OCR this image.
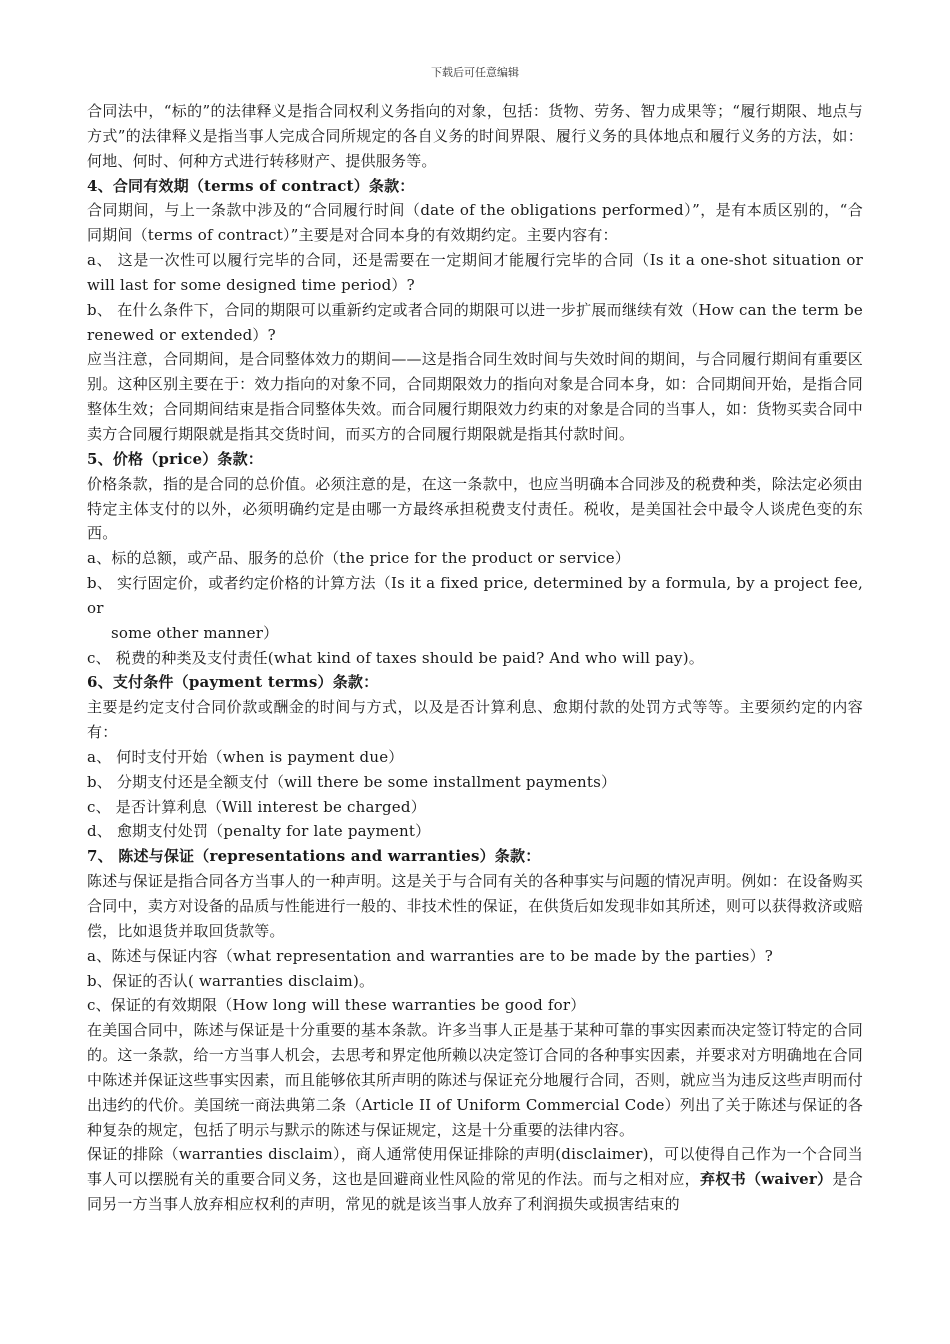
下载后可任意编辑

合同法中，“标的”的法律释义是指合同权利义务指向的对象，包括：货物、劳务、智力成果等；“履行期限、地点与方式”的法律释义是指当事人完成合同所规定的各自义务的时间界限、履行义务的具体地点和履行义务的方法，如：何地、何时、何种方式进行转移财产、提供服务等。

4、合同有效期（terms of contract）条款：

合同期间，与上一条款中涉及的“合同履行时间（date of the obligations performed）”，是有本质区别的，“合同期间（terms of contract）”主要是对合同本身的有效期约定。主要内容有：

a、 这是一次性可以履行完毕的合同，还是需要在一定期间才能履行完毕的合同（Is it a one-shot situation or will last for some designed time period）?

b、 在什么条件下，合同的期限可以重新约定或者合同的期限可以进一步扩展而继续有效（How can the term be renewed or extended）?

应当注意，合同期间，是合同整体效力的期间——这是指合同生效时间与失效时间的期间，与合同履行期间有重要区别。这种区别主要在于：效力指向的对象不同，合同期限效力的指向对象是合同本身，如：合同期间开始，是指合同整体生效；合同期间结束是指合同整体失效。而合同履行期限效力约束的对象是合同的当事人，如：货物买卖合同中卖方合同履行期限就是指其交货时间，而买方的合同履行期限就是指其付款时间。

5、价格（price）条款：

价格条款，指的是合同的总价值。必须注意的是，在这一条款中，也应当明确本合同涉及的税费种类，除法定必须由特定主体支付的以外，必须明确约定是由哪一方最终承担税费支付责任。税收，是美国社会中最令人谈虎色变的东西。

a、标的总额，或产品、服务的总价（the price for the product or service）

b、 实行固定价，或者约定价格的计算方法（Is it a fixed price, determined by a formula, by a project fee, or

some other manner）

c、 税费的种类及支付责任(what kind of taxes should be paid? And who will pay)。

6、支付条件（payment terms）条款：

主要是约定支付合同价款或酬金的时间与方式，以及是否计算利息、愈期付款的处罚方式等等。主要须约定的内容有：

a、 何时支付开始（when is payment due）

b、 分期支付还是全额支付（will there be some installment payments）

c、 是否计算利息（Will interest be charged）

d、 愈期支付处罚（penalty for late payment）

7、 陈述与保证（representations and warranties）条款：

陈述与保证是指合同各方当事人的一种声明。这是关于与合同有关的各种事实与问题的情况声明。例如：在设备购买合同中，卖方对设备的品质与性能进行一般的、非技术性的保证，在供货后如发现非如其所述，则可以获得救济或赔偿，比如退货并取回货款等。

a、陈述与保证内容（what representation and warranties are to be made by the parties）?

b、保证的否认( warranties disclaim)。

c、保证的有效期限（How long will these warranties be good for）

在美国合同中，陈述与保证是十分重要的基本条款。许多当事人正是基于某种可靠的事实因素而决定签订特定的合同的。这一条款，给一方当事人机会，去思考和界定他所赖以决定签订合同的各种事实因素，并要求对方明确地在合同中陈述并保证这些事实因素，而且能够依其所声明的陈述与保证充分地履行合同，否则，就应当为违反这些声明而付出违约的代价。美国统一商法典第二条（Article II of Uniform Commercial Code）列出了关于陈述与保证的各种复杂的规定，包括了明示与默示的陈述与保证规定，这是十分重要的法律内容。

保证的排除（warranties disclaim），商人通常使用保证排除的声明(disclaimer)，可以使得自己作为一个合同当事人可以摆脱有关的重要合同义务，这也是回避商业性风险的常见的作法。而与之相对应，弃权书（waiver）是合同另一方当事人放弃相应权利的声明，常见的就是该当事人放弃了利润损失或损害结束的
